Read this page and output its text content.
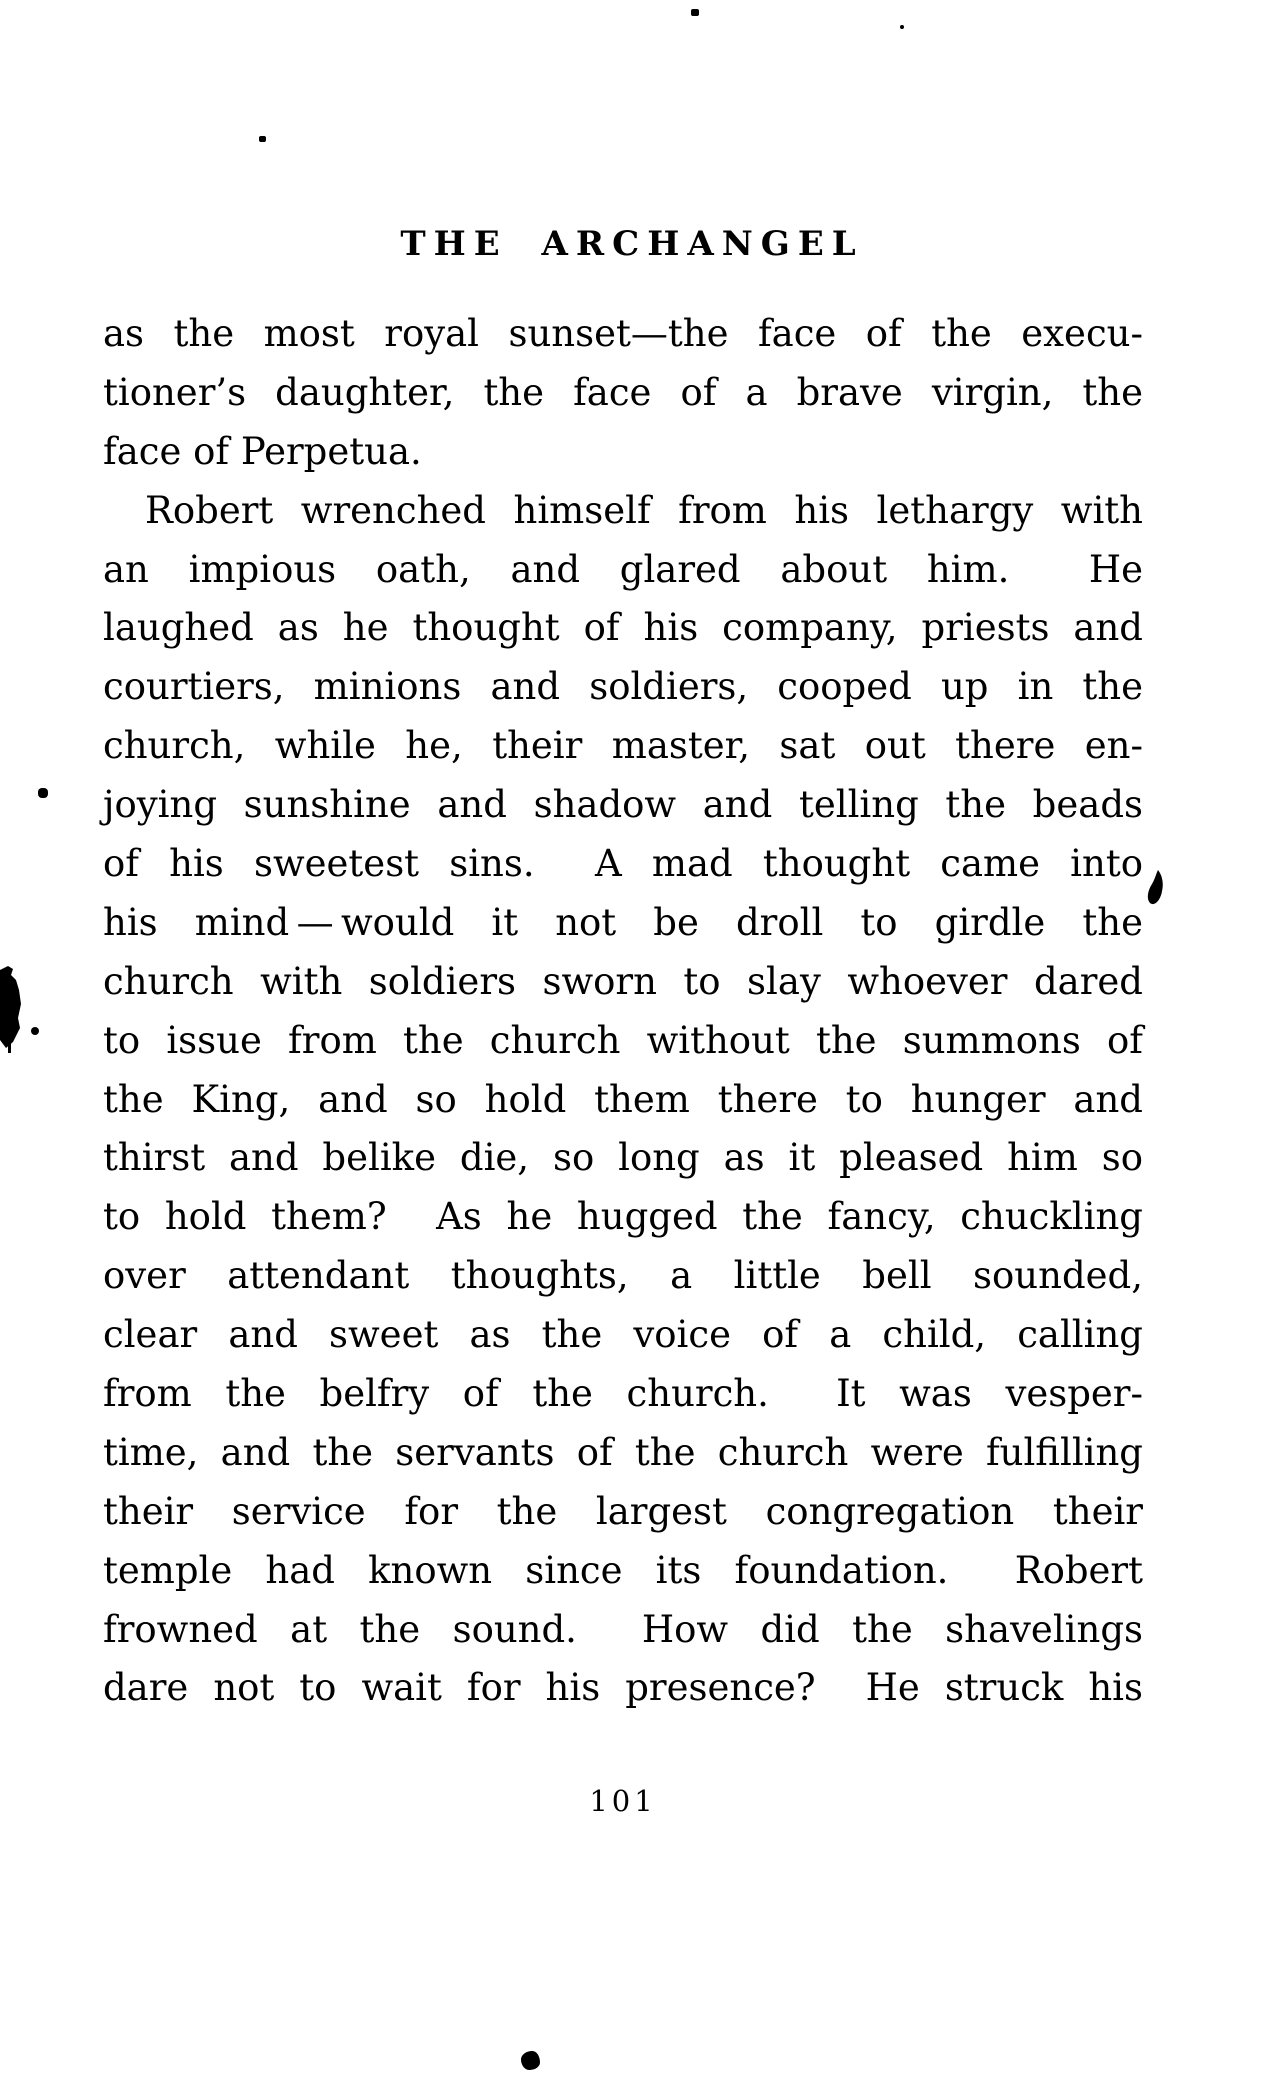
THE ARCHANGEL
as the most royal sunset—the face of the execu-
tioner’s daughter, the face of a brave virgin, the
face of Perpetua.
Robert wrenched himself from his lethargy with
an impious oath, and glared about him.  He
laughed as he thought of his company, priests and
courtiers, minions and soldiers, cooped up in the
church, while he, their master, sat out there en-
joying sunshine and shadow and telling the beads
of his sweetest sins.  A mad thought came into
his mind — would it not be droll to girdle the
church with soldiers sworn to slay whoever dared
to issue from the church without the summons of
the King, and so hold them there to hunger and
thirst and belike die, so long as it pleased him so
to hold them?  As he hugged the fancy, chuckling
over attendant thoughts, a little bell sounded,
clear and sweet as the voice of a child, calling
from the belfry of the church.  It was vesper-
time, and the servants of the church were fulfilling
their service for the largest congregation their
temple had known since its foundation.  Robert
frowned at the sound.  How did the shavelings
dare not to wait for his presence?  He struck his
101
